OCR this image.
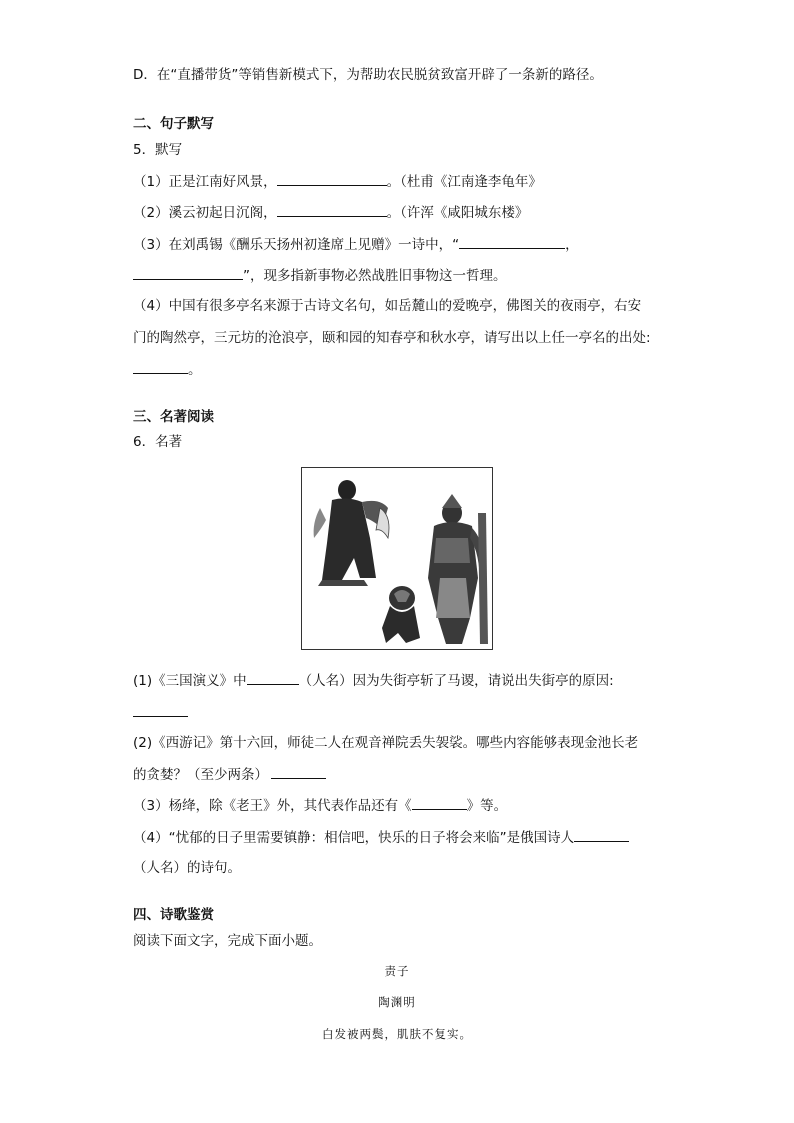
D．在“直播带货”等销售新模式下，为帮助农民脱贫致富开辟了一条新的路径。
二、句子默写
5．默写
（1）正是江南好风景，	。（杜甫《江南逢李龟年》
（2）溪云初起日沉阁，	。（许浑《咸阳城东楼》
（3）在刘禹锡《酬乐天扬州初逢席上见赠》一诗中，“	，
”，现多指新事物必然战胜旧事物这一哲理。
（4）中国有很多亭名来源于古诗文名句，如岳麓山的爱晚亭，佛图关的夜雨亭，右安
门的陶然亭，三元坊的沧浪亭，颐和园的知春亭和秋水亭，请写出以上任一亭名的出处:
。
三、名著阅读
6．名著
(1)《三国演义》中	（人名）因为失街亭斩了马谡，请说出失街亭的原因:
(2)《西游记》第十六回，师徒二人在观音禅院丢失袈裟。哪些内容能够表现金池长老
的贪婪？（至少两条）
（3）杨绛，除《老王》外，其代表作品还有《	》等。
（4）“忧郁的日子里需要镇静：相信吧，快乐的日子将会来临”是俄国诗人
（人名）的诗句。
四、诗歌鉴赏
阅读下面文字，完成下面小题。
责子
陶渊明
白发被两鬓，肌肤不复实。
